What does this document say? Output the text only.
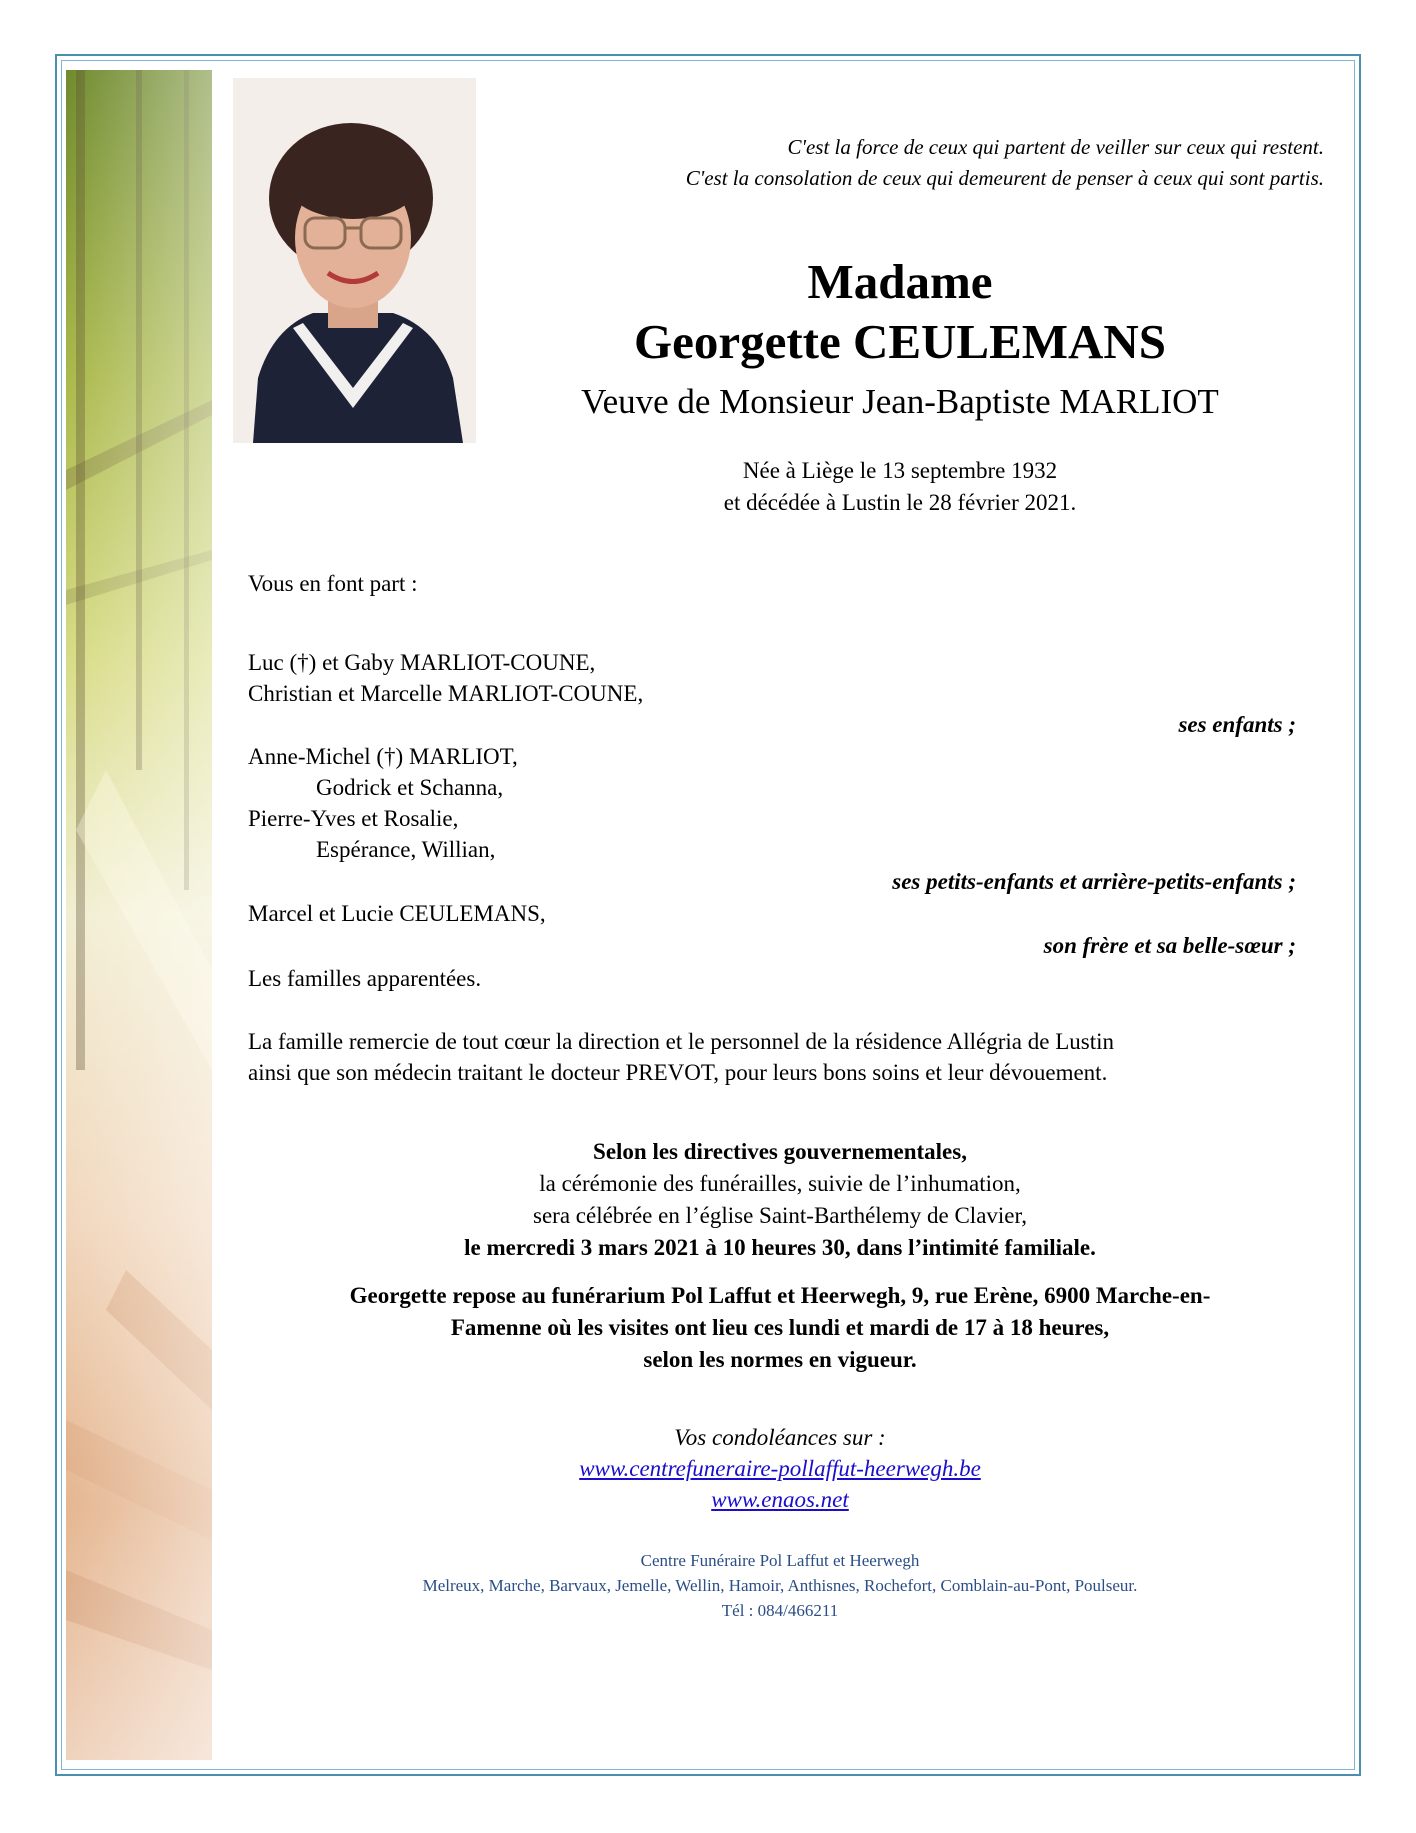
C'est la force de ceux qui partent de veiller sur ceux qui restent.
C'est la consolation de ceux qui demeurent de penser à ceux qui sont partis.
Madame
Georgette CEULEMANS
Veuve de Monsieur Jean-Baptiste MARLIOT
Née à Liège le 13 septembre 1932
et décédée à Lustin le 28 février 2021.
Vous en font part :
Luc (†) et Gaby MARLIOT-COUNE,
Christian et Marcelle MARLIOT-COUNE,
ses enfants ;
Anne-Michel (†) MARLIOT,
Godrick et Schanna,
Pierre-Yves et Rosalie,
Espérance, Willian,
ses petits-enfants et arrière-petits-enfants ;
Marcel et Lucie CEULEMANS,
son frère et sa belle-sœur ;
Les familles apparentées.
La famille remercie de tout cœur la direction et le personnel de la résidence Allégria de Lustin
ainsi que son médecin traitant le docteur PREVOT, pour leurs bons soins et leur dévouement.
Selon les directives gouvernementales,
la cérémonie des funérailles, suivie de l’inhumation,
sera célébrée en l’église Saint-Barthélemy de Clavier,
le mercredi 3 mars 2021 à 10 heures 30, dans l’intimité familiale.
Georgette repose au funérarium Pol Laffut et Heerwegh, 9, rue Erène, 6900 Marche-en-
Famenne où les visites ont lieu ces lundi et mardi de 17 à 18 heures,
selon les normes en vigueur.
Vos condoléances sur :
www.centrefuneraire-pollaffut-heerwegh.be
www.enaos.net
Centre Funéraire Pol Laffut et Heerwegh
Melreux, Marche, Barvaux, Jemelle, Wellin, Hamoir, Anthisnes, Rochefort, Comblain-au-Pont, Poulseur.
Tél : 084/466211
